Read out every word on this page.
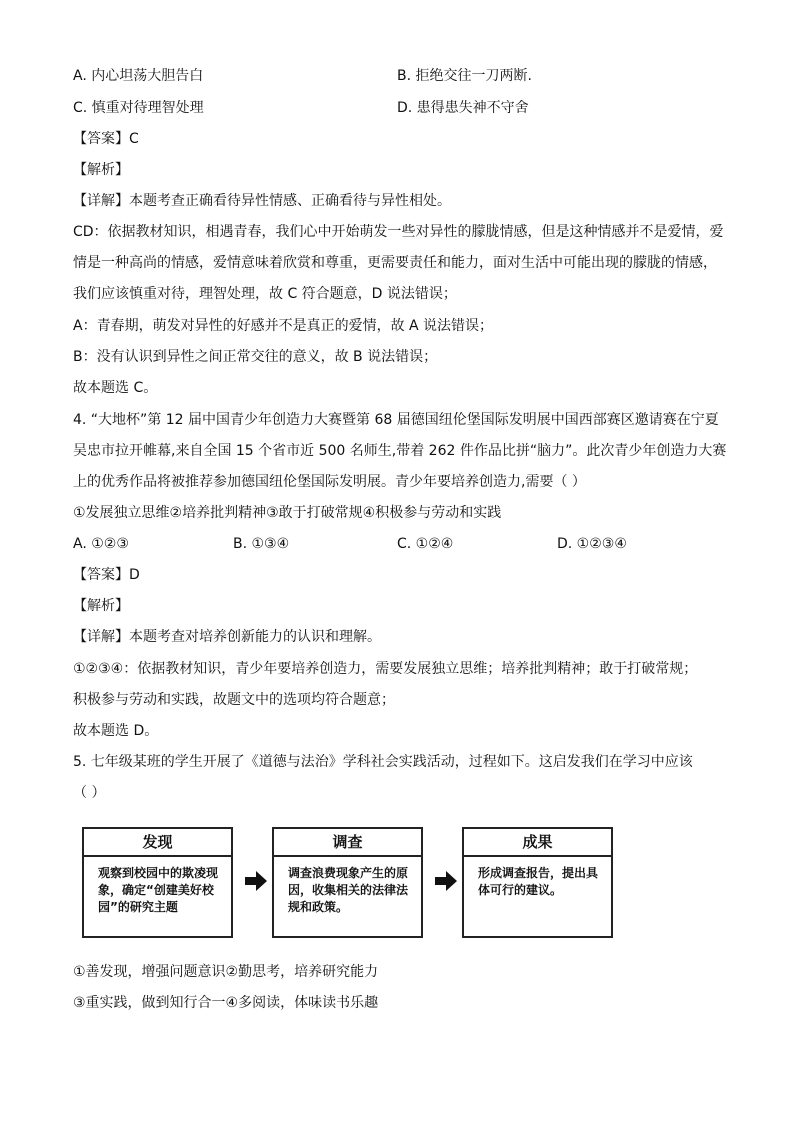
A. 内心坦荡大胆告白	B. 拒绝交往一刀两断.
C. 慎重对待理智处理	D. 患得患失神不守舍
【答案】C
【解析】
【详解】本题考查正确看待异性情感、正确看待与异性相处。
CD：依据教材知识，相遇青春，我们心中开始萌发一些对异性的朦胧情感，但是这种情感并不是爱情，爱
情是一种高尚的情感，爱情意味着欣赏和尊重，更需要责任和能力，面对生活中可能出现的朦胧的情感，
我们应该慎重对待，理智处理，故 C 符合题意，D 说法错误；
A：青春期，萌发对异性的好感并不是真正的爱情，故 A 说法错误；
B：没有认识到异性之间正常交往的意义，故 B 说法错误；
故本题选 C。
4. “大地杯”第 12 届中国青少年创造力大赛暨第 68 届德国纽伦堡国际发明展中国西部赛区邀请赛在宁夏
吴忠市拉开帷幕,来自全国 15 个省市近 500 名师生,带着 262 件作品比拼“脑力”。此次青少年创造力大赛
上的优秀作品将被推荐参加德国纽伦堡国际发明展。青少年要培养创造力,需要（ ）
①发展独立思维②培养批判精神③敢于打破常规④积极参与劳动和实践
A. ①②③	B. ①③④	C. ①②④	D. ①②③④
【答案】D
【解析】
【详解】本题考查对培养创新能力的认识和理解。
①②③④：依据教材知识，青少年要培养创造力，需要发展独立思维；培养批判精神；敢于打破常规；
积极参与劳动和实践，故题文中的选项均符合题意；
故本题选 D。
5. 七年级某班的学生开展了《道德与法治》学科社会实践活动，过程如下。这启发我们在学习中应该
（ ）
发现
观察到校园中的欺凌现象，确定“创建美好校园”的研究主题
调查
调查浪费现象产生的原因，收集相关的法律法规和政策。
成果
形成调查报告，提出具体可行的建议。
①善发现，增强问题意识②勤思考，培养研究能力
③重实践，做到知行合一④多阅读，体味读书乐趣
